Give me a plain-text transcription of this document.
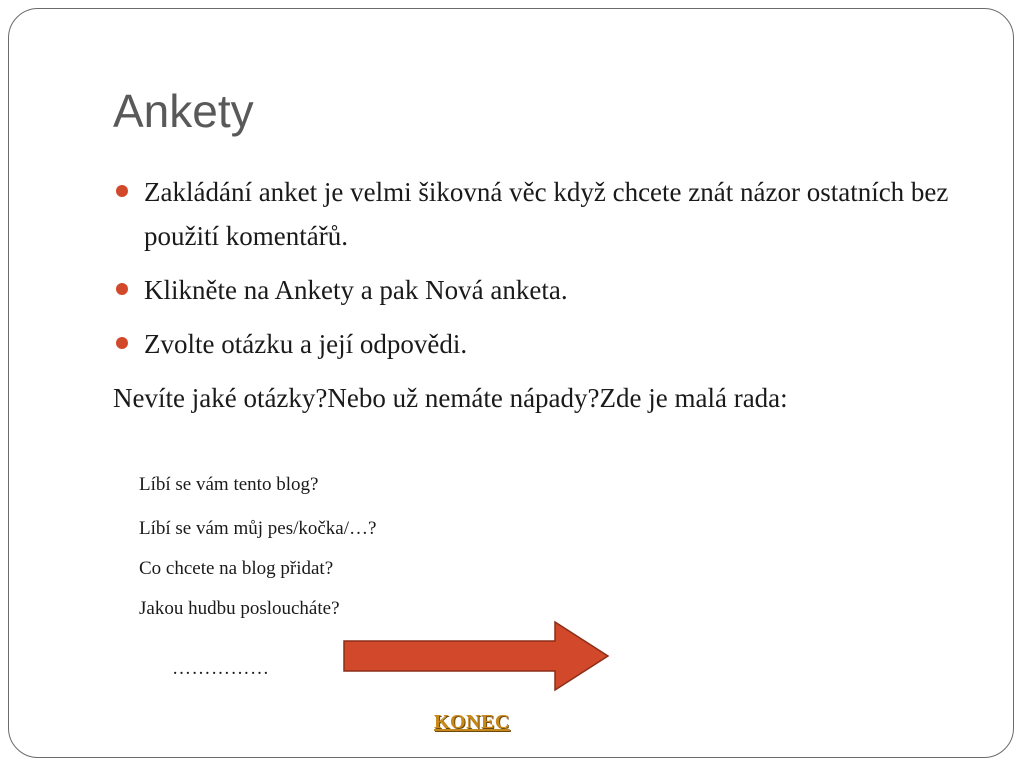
Ankety
Zakládání anket je velmi šikovná věc když chcete znát názor ostatních bez použití komentářů.
Klikněte na Ankety a pak Nová anketa.
Zvolte otázku a její odpovědi.
Nevíte jaké otázky?Nebo už nemáte nápady?Zde je malá rada:
Líbí se vám tento blog?
Líbí se vám můj pes/kočka/…?
Co chcete na blog přidat?
Jakou hudbu posloucháte?
……………
KONEC
